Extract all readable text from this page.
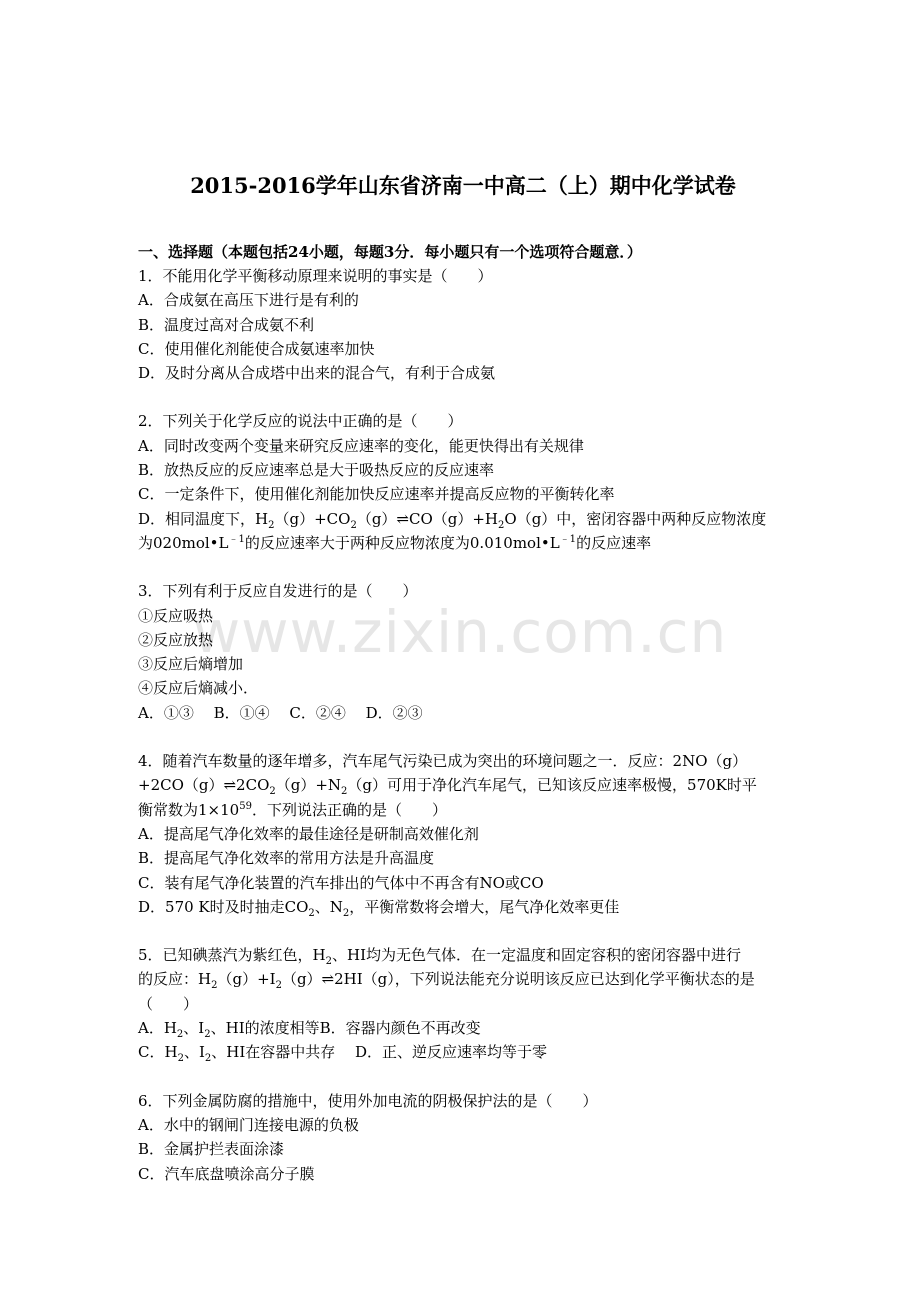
www.zixin.com.cn
2015-2016学年山东省济南一中高二（上）期中化学试卷
一、选择题（本题包括24小题，每题3分．每小题只有一个选项符合题意．）
1．不能用化学平衡移动原理来说明的事实是（　　）
A．合成氨在高压下进行是有利的
B．温度过高对合成氨不利
C．使用催化剂能使合成氨速率加快
D．及时分离从合成塔中出来的混合气，有利于合成氨
2．下列关于化学反应的说法中正确的是（　　）
A．同时改变两个变量来研究反应速率的变化，能更快得出有关规律
B．放热反应的反应速率总是大于吸热反应的反应速率
C．一定条件下，使用催化剂能加快反应速率并提高反应物的平衡转化率
D．相同温度下，$H_2(g)+CO_2(g)\rightleftharpoons CO(g)+H_2O(g)$中，密闭容器中两种反应物浓度
为$020mol•L^{﹣1}$的反应速率大于两种反应物浓度为$0.010mol•L^{﹣1}$的反应速率
3．下列有利于反应自发进行的是（　　）
①反应吸热
②反应放热
③反应后熵增加
④反应后熵减小．
A．①③　 B．①④　 C．②④　 D．②③
4．随着汽车数量的逐年增多，汽车尾气污染已成为突出的环境问题之一．反应：2NO（g）
$+2CO(g)\rightleftharpoons 2CO_2(g)+N_2(g)$可用于净化汽车尾气，已知该反应速率极慢，570K时平
衡常数为$1\times 10^{59}$．下列说法正确的是（　　）
A．提高尾气净化效率的最佳途径是研制高效催化剂
B．提高尾气净化效率的常用方法是升高温度
C．装有尾气净化装置的汽车排出的气体中不再含有NO或CO
D．570 K时及时抽走$CO_2$、$N_2$，平衡常数将会增大，尾气净化效率更佳
5．已知碘蒸汽为紫红色，$H_2$、HI均为无色气体．在一定温度和固定容积的密闭容器中进行
的反应：$H_2(g)+I_2(g)\rightleftharpoons 2HI(g)$，下列说法能充分说明该反应已达到化学平衡状态的是
（　　）
A．$H_2$、$I_2$、HI的浓度相等B．容器内颜色不再改变
C．$H_2$、$I_2$、HI在容器中共存　 D．正、逆反应速率均等于零
6．下列金属防腐的措施中，使用外加电流的阴极保护法的是（　　）
A．水中的钢闸门连接电源的负极
B．金属护拦表面涂漆
C．汽车底盘喷涂高分子膜
